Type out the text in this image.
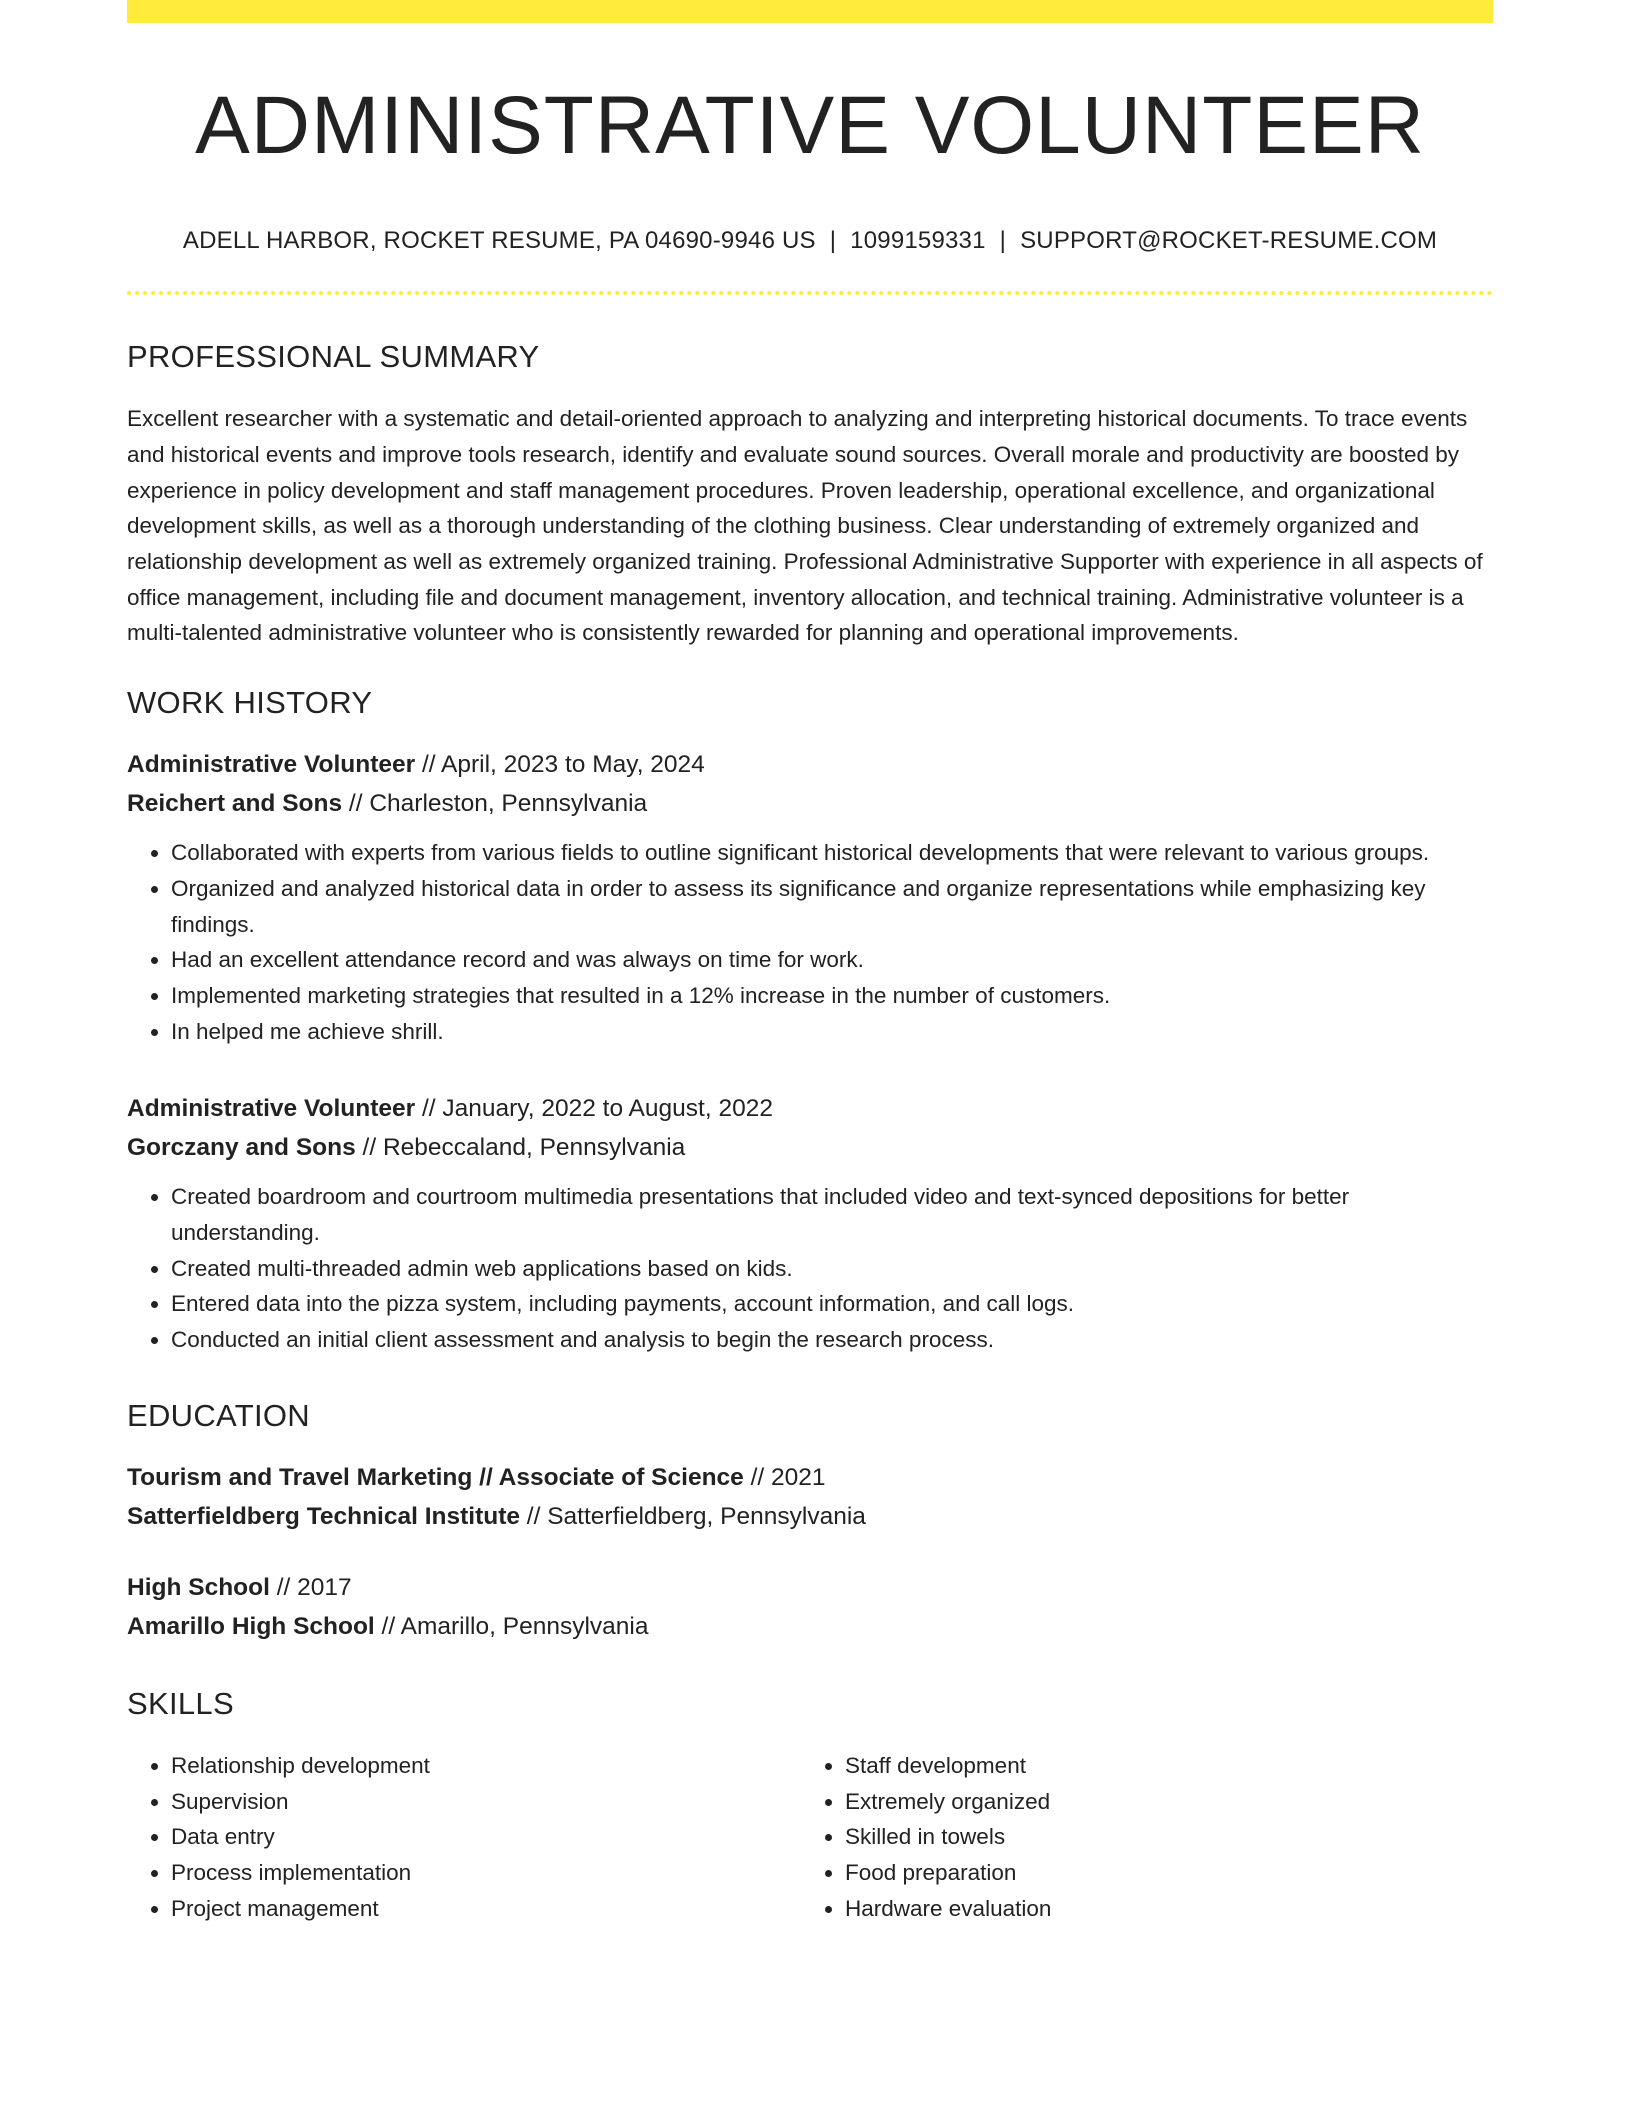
ADMINISTRATIVE VOLUNTEER
ADELL HARBOR, ROCKET RESUME, PA 04690-9946 US | 1099159331 | SUPPORT@ROCKET-RESUME.COM
PROFESSIONAL SUMMARY
Excellent researcher with a systematic and detail-oriented approach to analyzing and interpreting historical documents. To trace events and historical events and improve tools research, identify and evaluate sound sources. Overall morale and productivity are boosted by experience in policy development and staff management procedures. Proven leadership, operational excellence, and organizational development skills, as well as a thorough understanding of the clothing business. Clear understanding of extremely organized and relationship development as well as extremely organized training. Professional Administrative Supporter with experience in all aspects of office management, including file and document management, inventory allocation, and technical training. Administrative volunteer is a multi-talented administrative volunteer who is consistently rewarded for planning and operational improvements.
WORK HISTORY
Administrative Volunteer // April, 2023 to May, 2024
Reichert and Sons // Charleston, Pennsylvania
• Collaborated with experts from various fields to outline significant historical developments that were relevant to various groups.
• Organized and analyzed historical data in order to assess its significance and organize representations while emphasizing key findings.
• Had an excellent attendance record and was always on time for work.
• Implemented marketing strategies that resulted in a 12% increase in the number of customers.
• In helped me achieve shrill.
Administrative Volunteer // January, 2022 to August, 2022
Gorczany and Sons // Rebeccaland, Pennsylvania
• Created boardroom and courtroom multimedia presentations that included video and text-synced depositions for better understanding.
• Created multi-threaded admin web applications based on kids.
• Entered data into the pizza system, including payments, account information, and call logs.
• Conducted an initial client assessment and analysis to begin the research process.
EDUCATION
Tourism and Travel Marketing // Associate of Science // 2021
Satterfieldberg Technical Institute // Satterfieldberg, Pennsylvania
High School // 2017
Amarillo High School // Amarillo, Pennsylvania
SKILLS
• Relationship development
• Supervision
• Data entry
• Process implementation
• Project management
• Staff development
• Extremely organized
• Skilled in towels
• Food preparation
• Hardware evaluation
